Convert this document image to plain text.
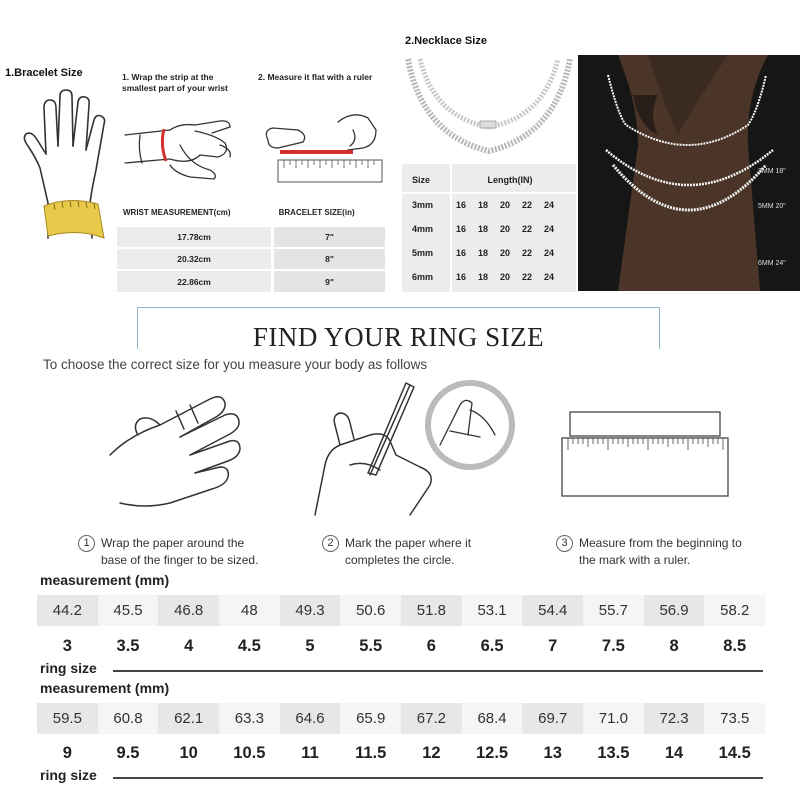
1.Bracelet Size	1. Wrap the strip at the
smallest part of your wrist
2. Measure it flat with a ruler
WRIST MEASUREMENT(cm)	BRACELET SIZE(in)
17.78cm	7"
20.32cm	8"
22.86cm	9"
2.Necklace Size
Size	Length(IN)
3mm	16	18	20	22	24
4mm	16	18	20	22	24
5mm	16	18	20	22	24
6mm	16	18	20	22	24
3MM 18"
5MM 20"
6MM 24"
FIND YOUR RING SIZE
To choose the correct size for you measure your body as follows
1 Wrap the paper around the
base of the finger to be sized.
2 Mark the paper where it
completes the circle.
3 Measure from the beginning to
the mark with a ruler.
measurement (mm)
44.2	45.5	46.8	48	49.3	50.6	51.8	53.1	54.4	55.7	56.9	58.2
3	3.5	4	4.5	5	5.5	6	6.5	7	7.5	8	8.5
ring size
measurement (mm)
59.5	60.8	62.1	63.3	64.6	65.9	67.2	68.4	69.7	71.0	72.3	73.5
9	9.5	10	10.5	11	11.5	12	12.5	13	13.5	14	14.5
ring size
